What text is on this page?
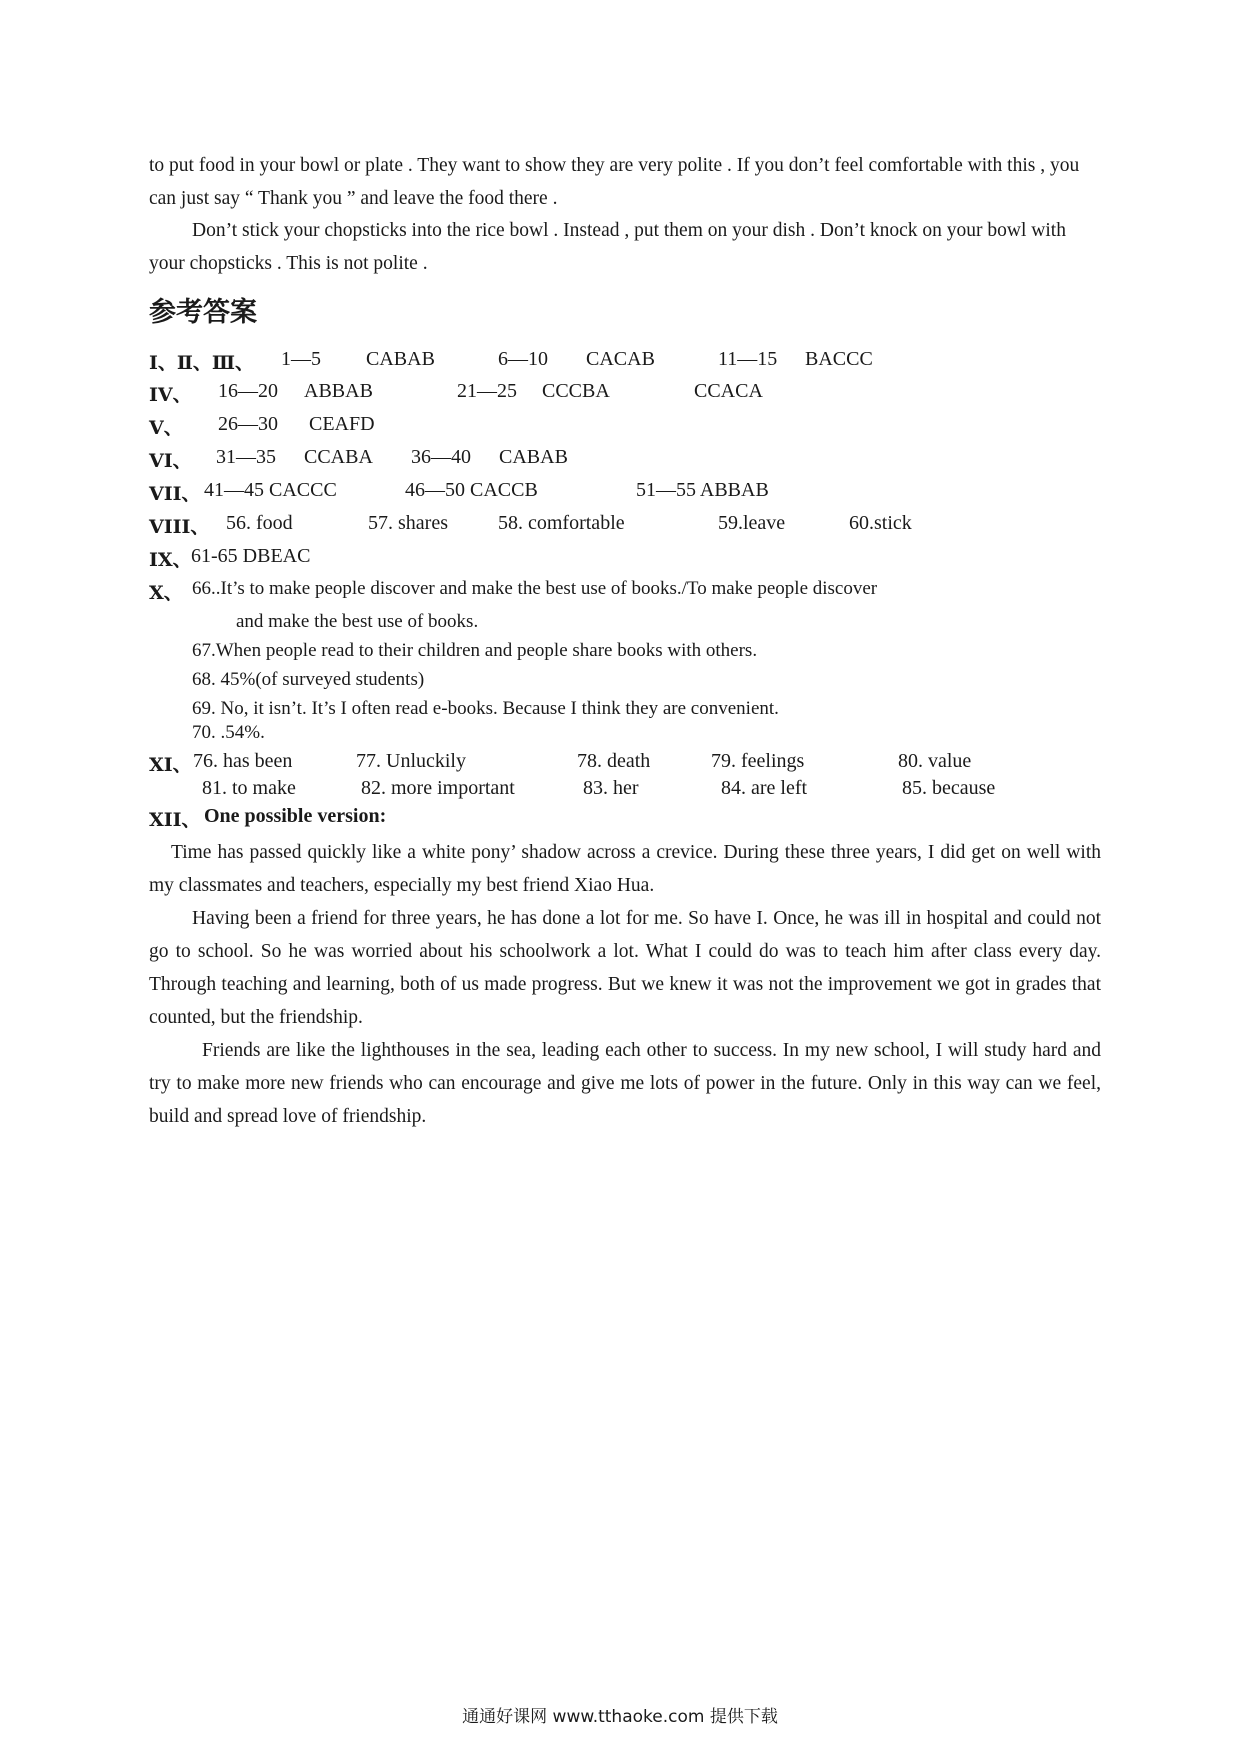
to put food in your bowl or plate . They want to show they are very polite . If you don’t feel comfortable with this , you can just say “ Thank you ” and leave the food there .

Don’t stick your chopsticks into the rice bowl . Instead , put them on your dish . Don’t knock on your bowl with your chopsticks . This is not polite .

参考答案
Ⅰ、Ⅱ、Ⅲ、 1—5 CABAB	6—10 CACAB	11—15 BACCC
IV、 16—20 ABBAB	21—25 CCCBA	CCACA
V、 26—30 CEAFD
VI、 31—35 CCABA 36—40 CABAB
VII、 41—45 CACCC	46—50 CACCB	51—55 ABBAB
VIII、 56. food	57. shares	58. comfortable	59.leave	60.stick
IX、 61-65 DBEAC
X、 66..It’s to make people discover and make the best use of books./To make people discover
and make the best use of books.
67.When people read to their children and people share books with others.
68. 45%(of surveyed students)
69. No, it isn’t. It’s I often read e-books. Because I think they are convenient.
70. .54%.
XI、 76. has been	77. Unluckily	78. death	79. feelings	80. value
81. to make	82. more important	83. her	84. are left	85. because
XII、 One possible version:

Time has passed quickly like a white pony’ shadow across a crevice. During these three years, I did get on well with my classmates and teachers, especially my best friend Xiao Hua.

Having been a friend for three years, he has done a lot for me. So have I. Once, he was ill in hospital and could not go to school. So he was worried about his schoolwork a lot. What I could do was to teach him after class every day. Through teaching and learning, both of us made progress. But we knew it was not the improvement we got in grades that counted, but the friendship.

Friends are like the lighthouses in the sea, leading each other to success. In my new school, I will study hard and try to make more new friends who can encourage and give me lots of power in the future. Only in this way can we feel, build and spread love of friendship.

通通好课网 www.tthaoke.com 提供下载
